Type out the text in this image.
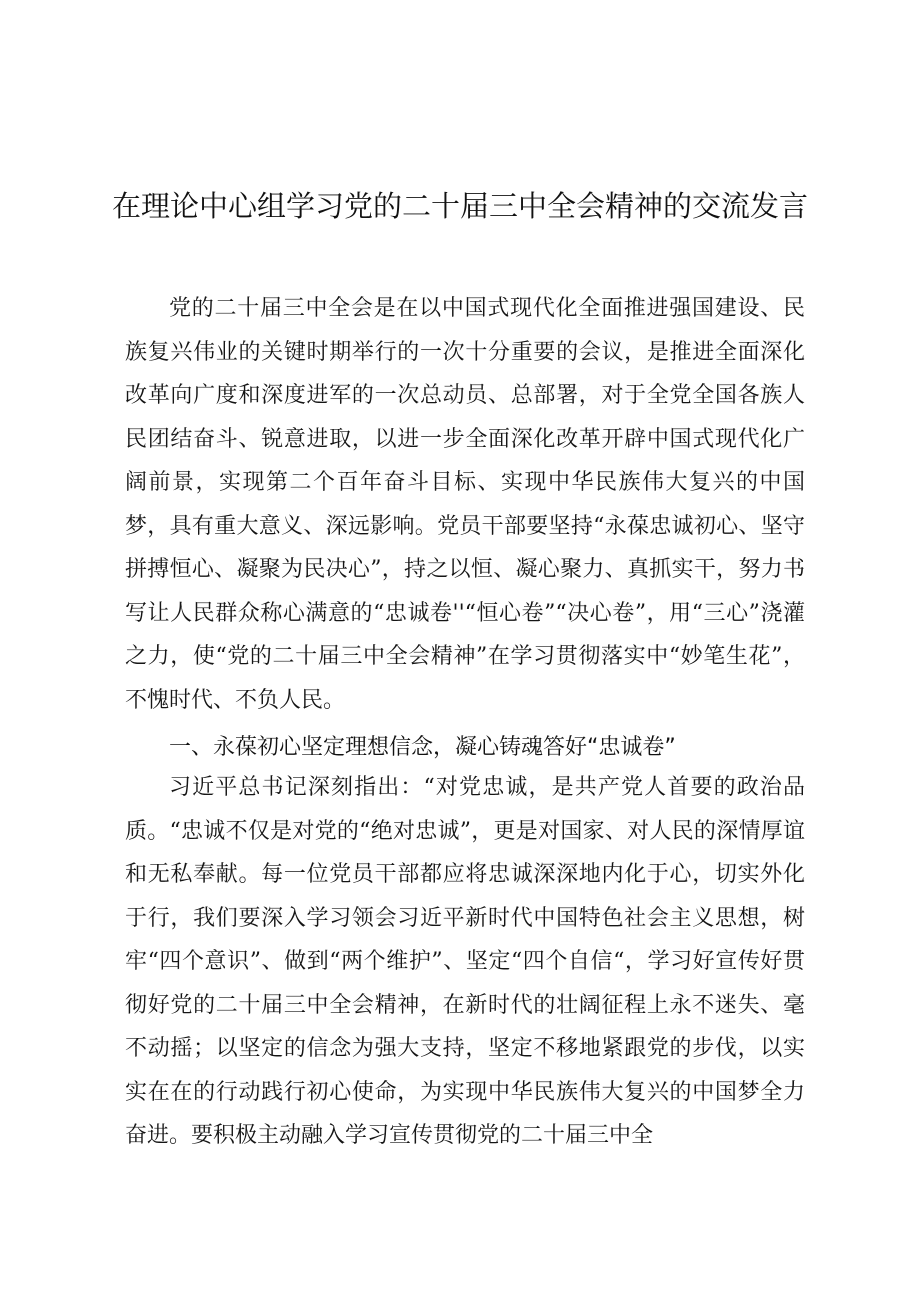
在理论中心组学习党的二十届三中全会精神的交流发言
党的二十届三中全会是在以中国式现代化全面推进强国建设、民族复兴伟业的关键时期举行的一次十分重要的会议，是推进全面深化改革向广度和深度进军的一次总动员、总部署，对于全党全国各族人民团结奋斗、锐意进取，以进一步全面深化改革开辟中国式现代化广阔前景，实现第二个百年奋斗目标、实现中华民族伟大复兴的中国梦，具有重大意义、深远影响。党员干部要坚持“永葆忠诚初心、坚守拼搏恒心、凝聚为民决心”，持之以恒、凝心聚力、真抓实干，努力书写让人民群众称心满意的“忠诚卷''“恒心卷”“决心卷”，用“三心”浇灌之力，使“党的二十届三中全会精神”在学习贯彻落实中“妙笔生花”，不愧时代、不负人民。
一、永葆初心坚定理想信念，凝心铸魂答好“忠诚卷”
习近平总书记深刻指出：“对党忠诚，是共产党人首要的政治品质。“忠诚不仅是对党的“绝对忠诚”，更是对国家、对人民的深情厚谊和无私奉献。每一位党员干部都应将忠诚深深地内化于心，切实外化于行，我们要深入学习领会习近平新时代中国特色社会主义思想，树牢“四个意识”、做到“两个维护”、坚定“四个自信“，学习好宣传好贯彻好党的二十届三中全会精神，在新时代的壮阔征程上永不迷失、毫不动摇；以坚定的信念为强大支持，坚定不移地紧跟党的步伐，以实实在在的行动践行初心使命，为实现中华民族伟大复兴的中国梦全力奋进。要积极主动融入学习宣传贯彻党的二十届三中全
